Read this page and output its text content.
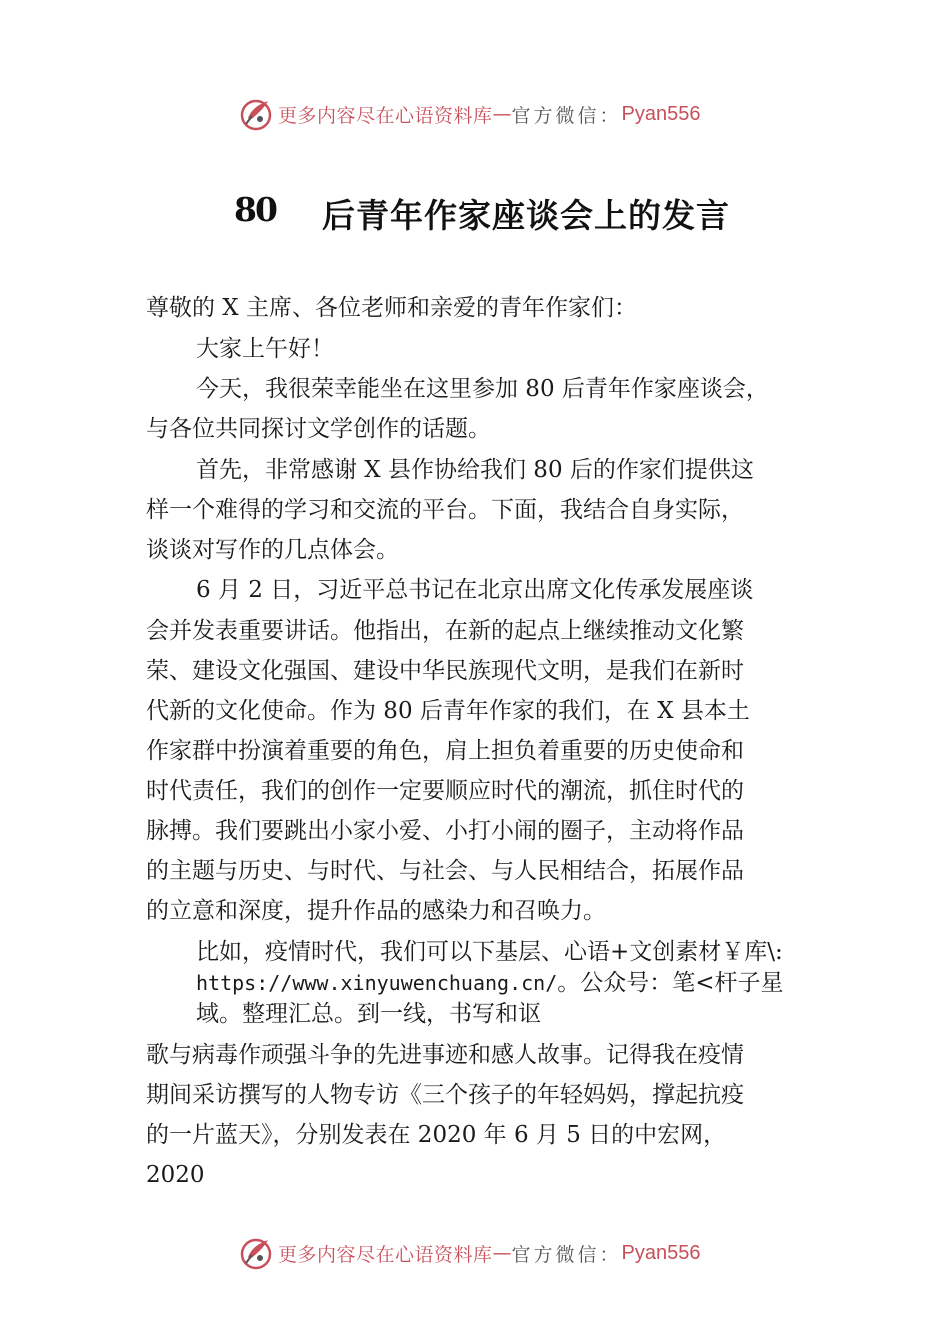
更多内容尽在心语资料库 — 官方微信： Pyan556
80 后青年作家座谈会上的发言
尊敬的 X 主席、各位老师和亲爱的青年作家们：
大家上午好！
今天，我很荣幸能坐在这里参加 80 后青年作家座谈会，
与各位共同探讨文学创作的话题。
首先，非常感谢 X 县作协给我们 80 后的作家们提供这
样一个难得的学习和交流的平台。下面，我结合自身实际，
谈谈对写作的几点体会。
6 月 2 日，习近平总书记在北京出席文化传承发展座谈
会并发表重要讲话。他指出，在新的起点上继续推动文化繁
荣、建设文化强国、建设中华民族现代文明，是我们在新时
代新的文化使命。作为 80 后青年作家的我们，在 X 县本土
作家群中扮演着重要的角色，肩上担负着重要的历史使命和
时代责任，我们的创作一定要顺应时代的潮流，抓住时代的
脉搏。我们要跳出小家小爱、小打小闹的圈子，主动将作品
的主题与历史、与时代、与社会、与人民相结合，拓展作品
的立意和深度，提升作品的感染力和召唤力。
比如，疫情时代，我们可以下基层、心语+文创素材￥库\:
https://www.xinyuwenchuang.cn/。公众号：笔<杆子星
域。整理汇总。到一线，书写和讴
歌与病毒作顽强斗争的先进事迹和感人故事。记得我在疫情
期间采访撰写的人物专访《三个孩子的年轻妈妈，撑起抗疫
的一片蓝天》，分别发表在 2020 年 6 月 5 日的中宏网，
2020
更多内容尽在心语资料库 — 官方微信： Pyan556
